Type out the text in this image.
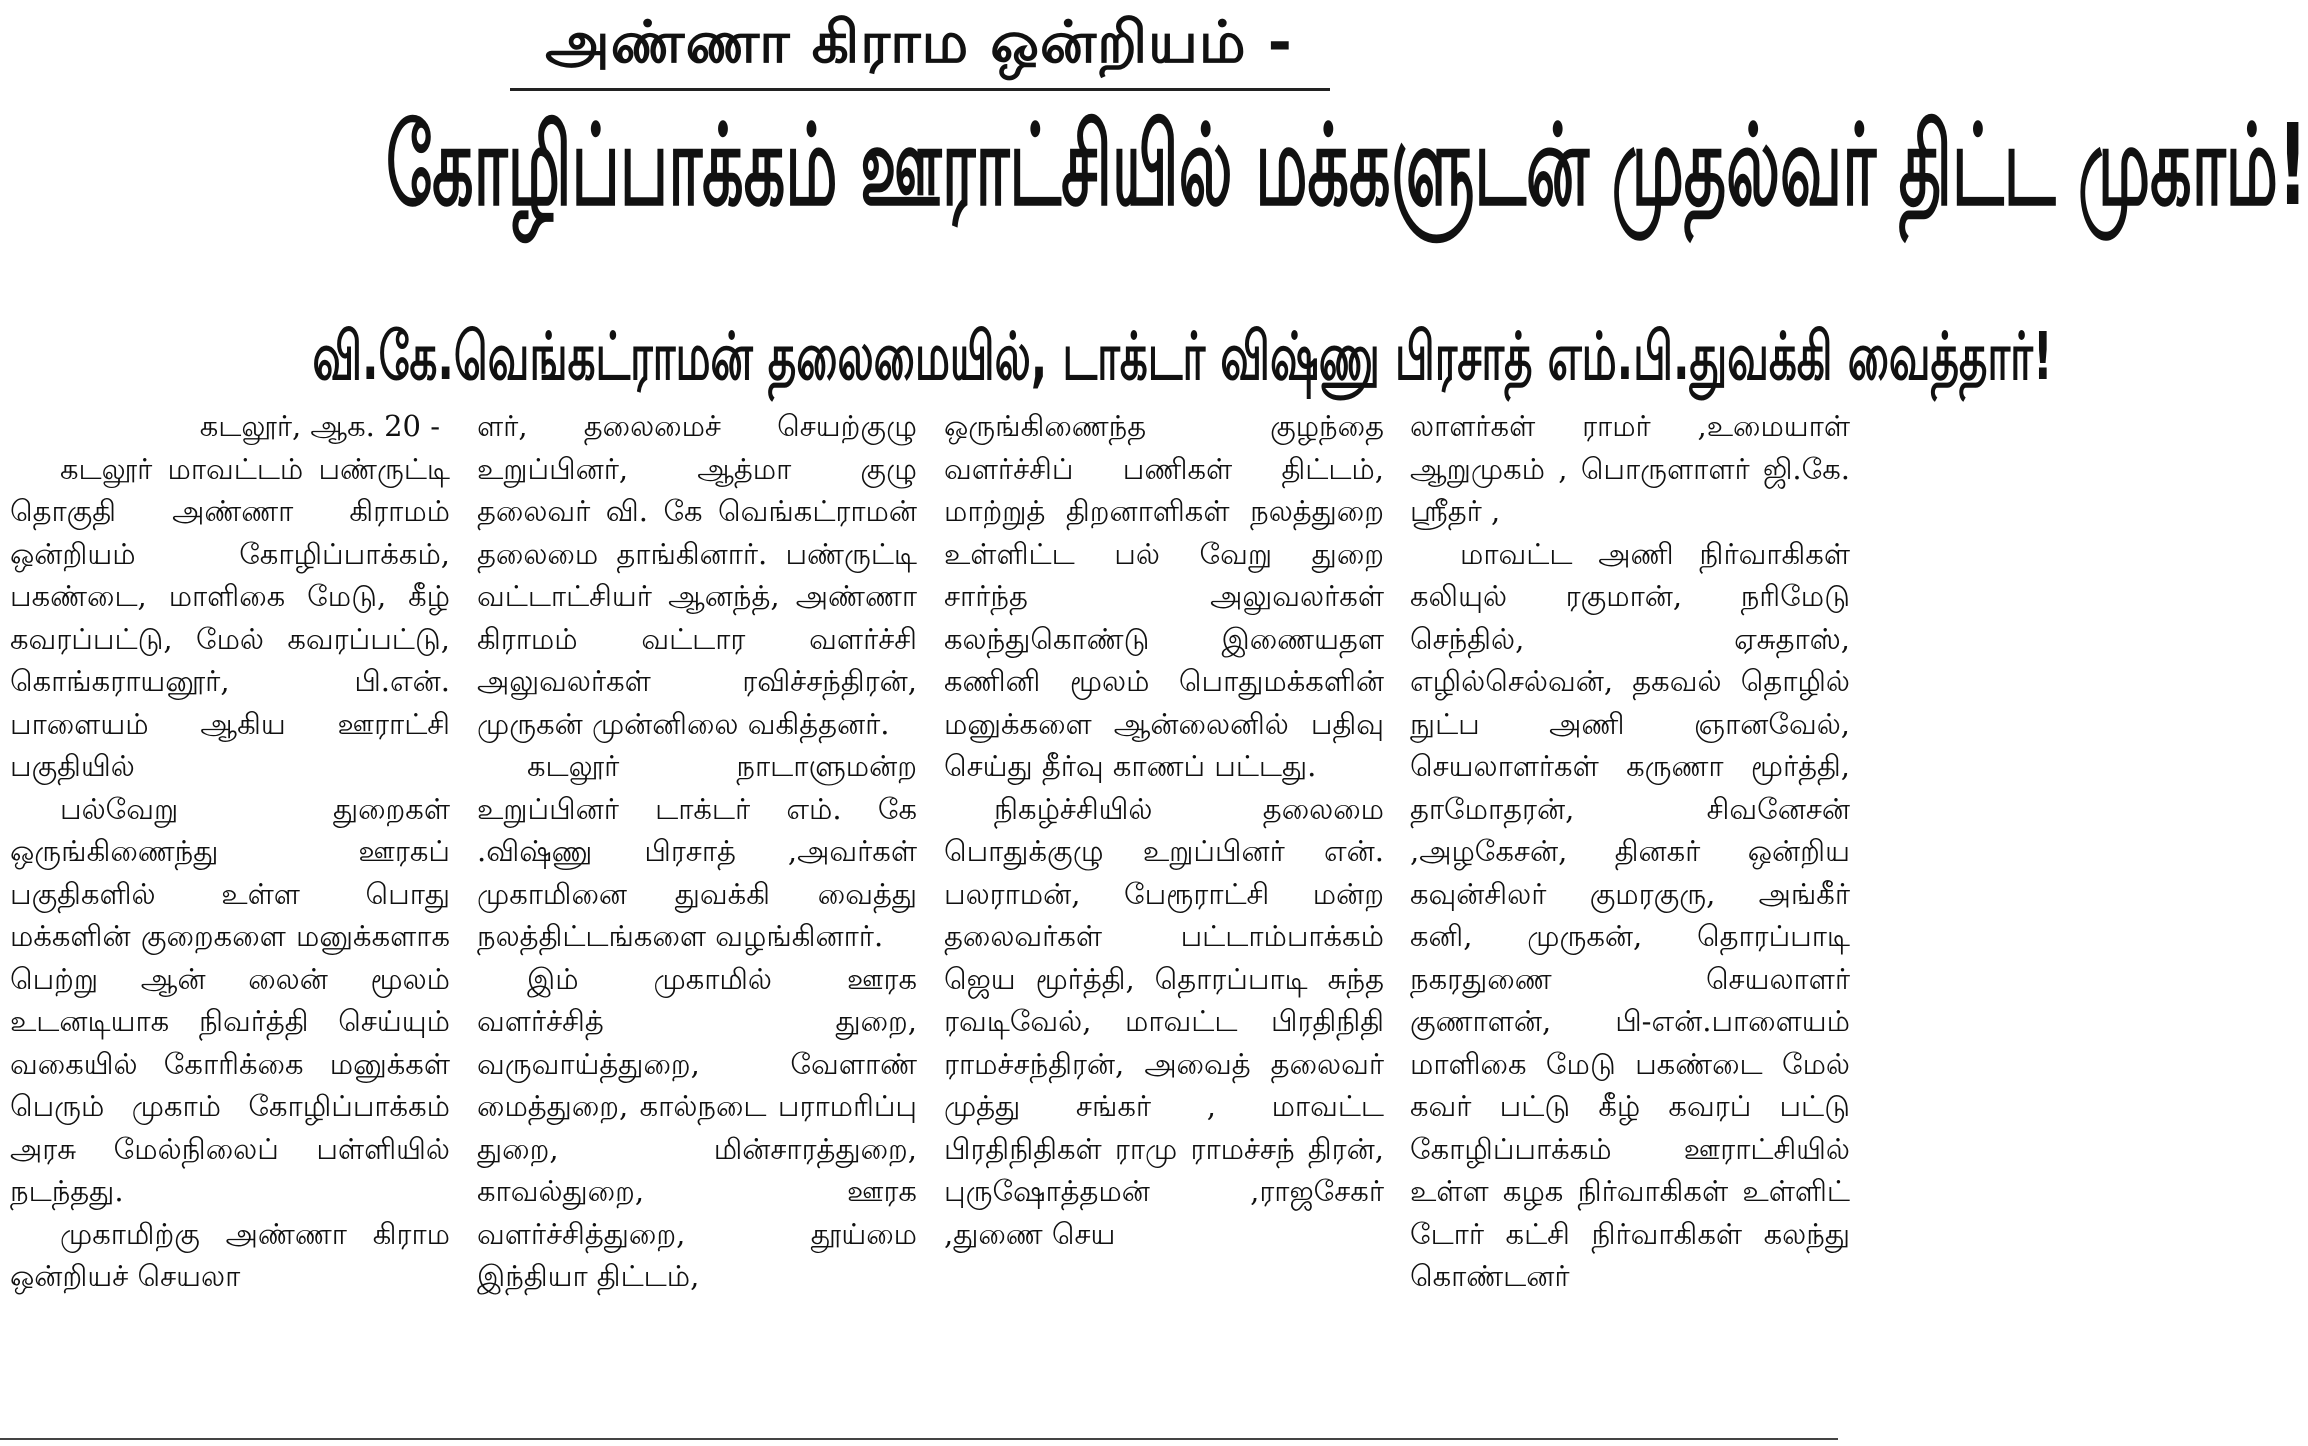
அண்ணா கிராம ஒன்றியம் -
கோழிப்பாக்கம் ஊராட்சியில் மக்களுடன் முதல்வர் திட்ட முகாம்!
வி.கே.வெங்கட்ராமன் தலைமையில், டாக்டர் விஷ்ணு பிரசாத் எம்.பி.துவக்கி வைத்தார்!

கடலூர், ஆக. 20 -

கடலூர் மாவட்டம் பண்ருட்டி தொகுதி அண்ணா கிராமம் ஒன்றியம் கோழிப்பாக்கம், பகண்டை, மாளிகை மேடு, கீழ் கவரப்பட்டு, மேல் கவரப்பட்டு, கொங்கராயனூர், பி.என். பாளையம் ஆகிய ஊராட்சி பகுதியில்

பல்வேறு துறைகள் ஒருங்கிணைந்து ஊரகப் பகுதிகளில் உள்ள பொது மக்களின் குறைகளை மனுக்களாக பெற்று ஆன் லைன் மூலம் உடனடியாக நிவர்த்தி செய்யும் வகையில் கோரிக்கை மனுக்கள் பெரும் முகாம் கோழிப்பாக்கம் அரசு மேல்நிலைப் பள்ளியில் நடந்தது.

முகாமிற்கு அண்ணா கிராம ஒன்றியச் செயலா

ளர், தலைமைச் செயற்குழு உறுப்பினர், ஆத்மா குழு தலைவர் வி. கே வெங்கட்ராமன் தலைமை தாங்கினார். பண்ருட்டி வட்டாட்சியர் ஆனந்த், அண்ணா கிராமம் வட்டார வளர்ச்சி அலுவலர்கள் ரவிச்சந்திரன், முருகன் முன்னிலை வகித்தனர்.

கடலூர் நாடாளுமன்ற உறுப்பினர் டாக்டர் எம். கே .விஷ்ணு பிரசாத் ,அவர்கள் முகாமினை துவக்கி வைத்து நலத்திட்டங்களை வழங்கினார்.

இம் முகாமில் ஊரக வளர்ச்சித் துறை, வருவாய்த்துறை, வேளாண் மைத்துறை, கால்நடை பராமரிப்பு துறை, மின்சாரத்துறை, காவல்துறை, ஊரக வளர்ச்சித்துறை, தூய்மை இந்தியா திட்டம்,

ஒருங்கிணைந்த குழந்தை வளர்ச்சிப் பணிகள் திட்டம், மாற்றுத் திறனாளிகள் நலத்துறை உள்ளிட்ட பல் வேறு துறை சார்ந்த அலுவலர்கள் கலந்துகொண்டு இணையதள கணினி மூலம் பொதுமக்களின் மனுக்களை ஆன்லைனில் பதிவு செய்து தீர்வு காணப் பட்டது.

நிகழ்ச்சியில் தலைமை பொதுக்குழு உறுப்பினர் என். பலராமன், பேரூராட்சி மன்ற தலைவர்கள் பட்டாம்பாக்கம் ஜெய மூர்த்தி, தொரப்பாடி சுந்த ரவடிவேல், மாவட்ட பிரதிநிதி ராமச்சந்திரன், அவைத் தலைவர் முத்து சங்கர் , மாவட்ட பிரதிநிதிகள் ராமு ராமச்சந் திரன், புருஷோத்தமன் ,ராஜசேகர் ,துணை செய

லாளர்கள் ராமர் ,உமையாள் ஆறுமுகம் , பொருளாளர் ஜி.கே. ஸ்ரீதர் ,

மாவட்ட அணி நிர்வாகிகள் கலியுல் ரகுமான், நரிமேடு செந்தில், ஏசுதாஸ், எழில்செல்வன், தகவல் தொழில் நுட்ப அணி ஞானவேல், செயலாளர்கள் கருணா மூர்த்தி, தாமோதரன், சிவனேசன் ,அழகேசன், தினகர் ஒன்றிய கவுன்சிலர் குமரகுரு, அங்கீர் கனி, முருகன், தொரப்பாடி நகரதுணை செயலாளர் குணாளன், பி-என்.பாளையம் மாளிகை மேடு பகண்டை மேல் கவர் பட்டு கீழ் கவரப் பட்டு கோழிப்பாக்கம் ஊராட்சியில் உள்ள கழக நிர்வாகிகள் உள்ளிட் டோர் கட்சி நிர்வாகிகள் கலந்து கொண்டனர்
